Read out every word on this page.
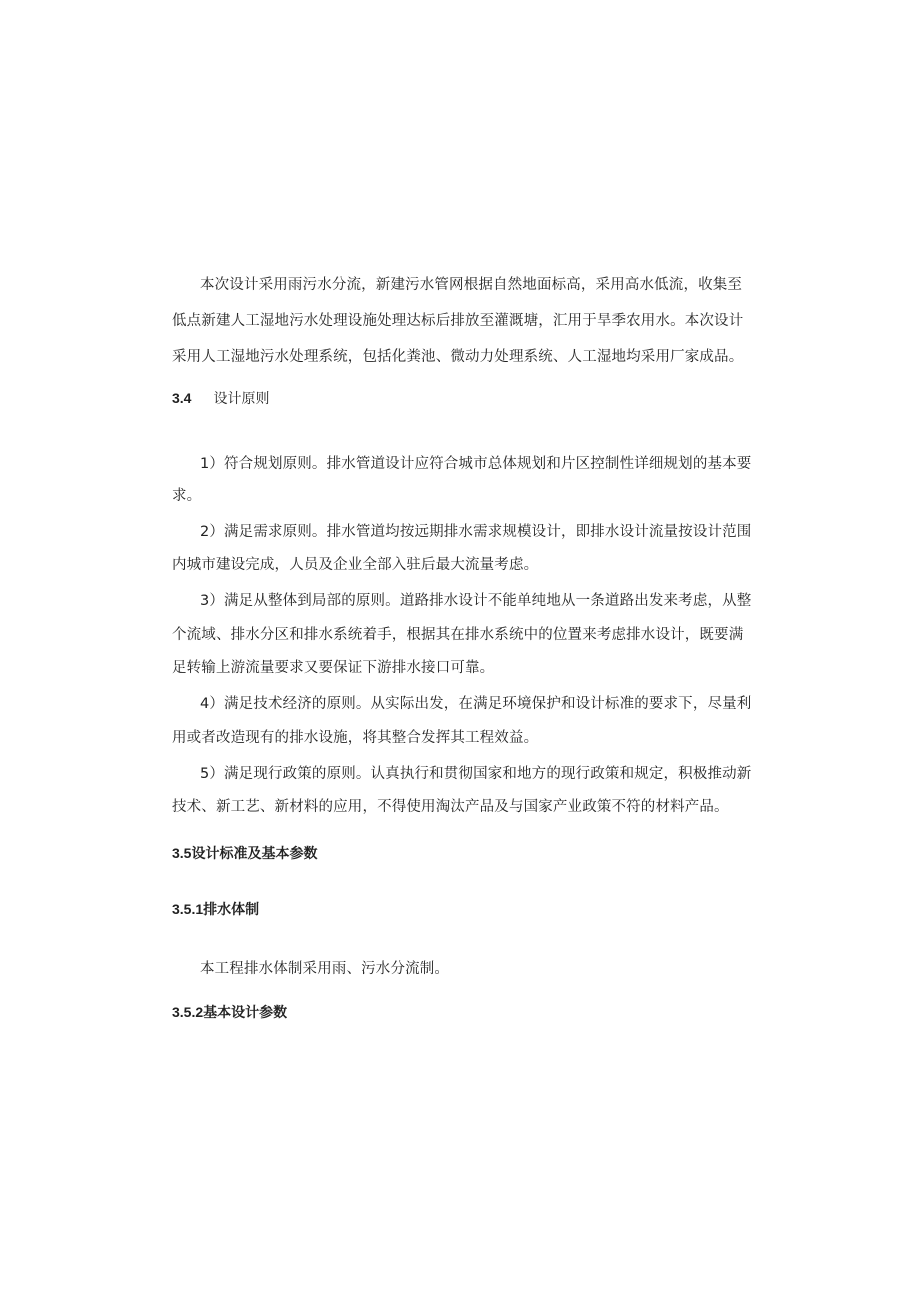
本次设计采用雨污水分流，新建污水管网根据自然地面标高，采用高水低流，收集至
低点新建人工湿地污水处理设施处理达标后排放至灌溉塘，汇用于旱季农用水。本次设计
采用人工湿地污水处理系统，包括化粪池、微动力处理系统、人工湿地均采用厂家成品。
3.4 设计原则
1）符合规划原则。排水管道设计应符合城市总体规划和片区控制性详细规划的基本要
求。
2）满足需求原则。排水管道均按远期排水需求规模设计，即排水设计流量按设计范围
内城市建设完成，人员及企业全部入驻后最大流量考虑。
3）满足从整体到局部的原则。道路排水设计不能单纯地从一条道路出发来考虑，从整
个流域、排水分区和排水系统着手，根据其在排水系统中的位置来考虑排水设计，既要满
足转输上游流量要求又要保证下游排水接口可靠。
4）满足技术经济的原则。从实际出发，在满足环境保护和设计标准的要求下，尽量利
用或者改造现有的排水设施，将其整合发挥其工程效益。
5）满足现行政策的原则。认真执行和贯彻国家和地方的现行政策和规定，积极推动新
技术、新工艺、新材料的应用，不得使用淘汰产品及与国家产业政策不符的材料产品。
3.5设计标准及基本参数
3.5.1排水体制
本工程排水体制采用雨、污水分流制。
3.5.2基本设计参数
